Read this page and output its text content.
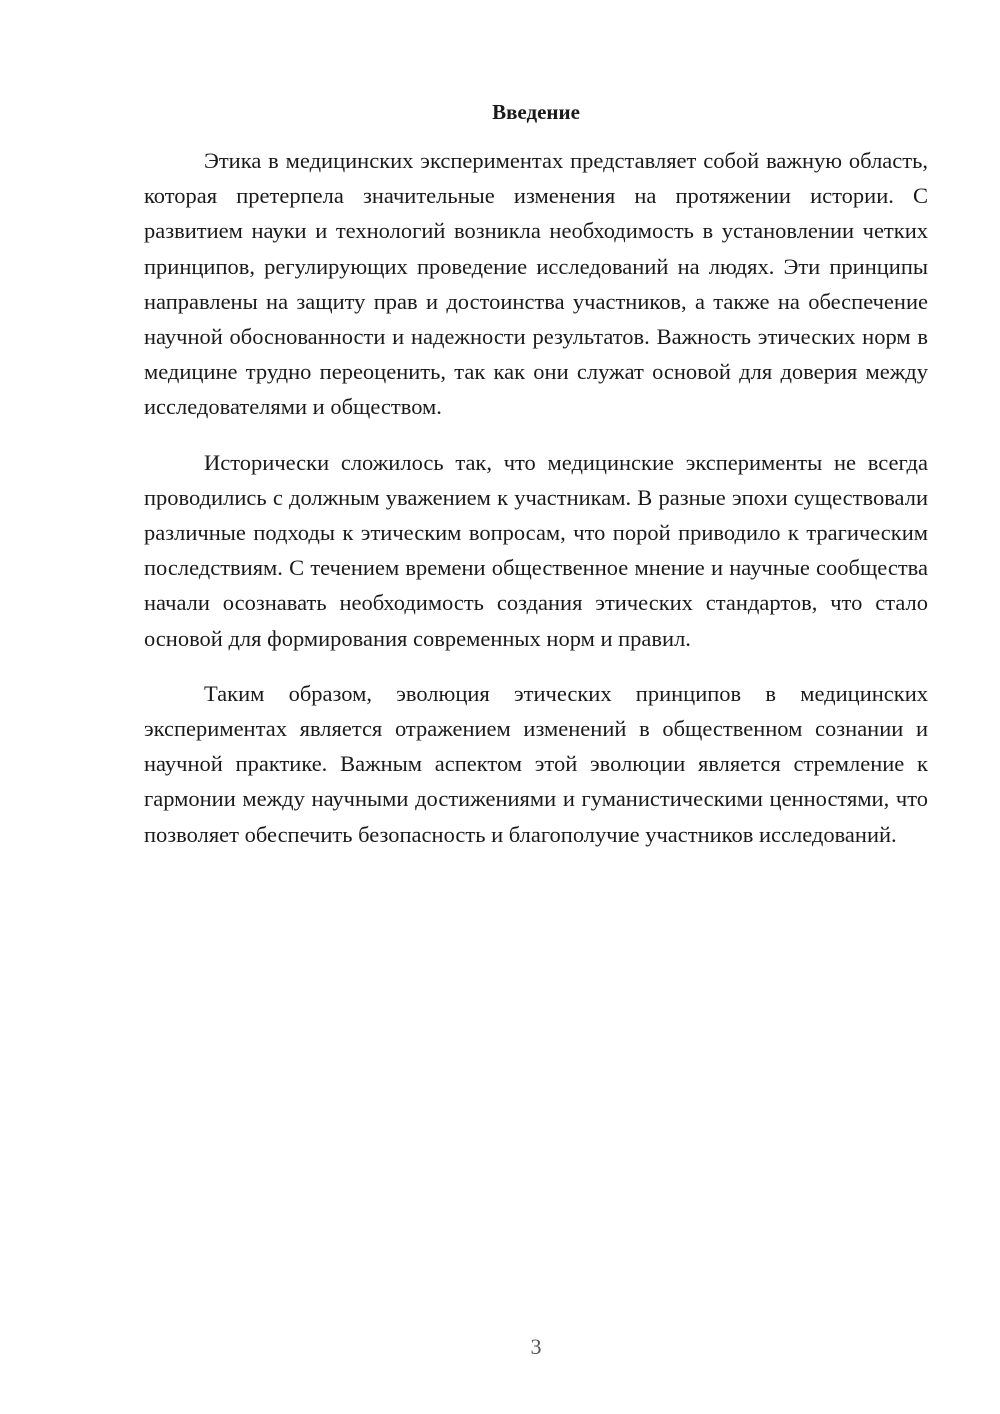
Введение

Этика в медицинских экспериментах представляет собой важную область, которая претерпела значительные изменения на протяжении истории. С развитием науки и технологий возникла необходимость в установлении четких принципов, регулирующих проведение исследований на людях. Эти принципы направлены на защиту прав и достоинства участников, а также на обеспечение научной обоснованности и надежности результатов. Важность этических норм в медицине трудно переоценить, так как они служат основой для доверия между исследователями и обществом.

Исторически сложилось так, что медицинские эксперименты не всегда проводились с должным уважением к участникам. В разные эпохи существовали различные подходы к этическим вопросам, что порой приводило к трагическим последствиям. С течением времени общественное мнение и научные сообщества начали осознавать необходимость создания этических стандартов, что стало основой для формирования современных норм и правил.

Таким образом, эволюция этических принципов в медицинских экспериментах является отражением изменений в общественном сознании и научной практике. Важным аспектом этой эволюции является стремление к гармонии между научными достижениями и гуманистическими ценностями, что позволяет обеспечить безопасность и благополучие участников исследований.

3
